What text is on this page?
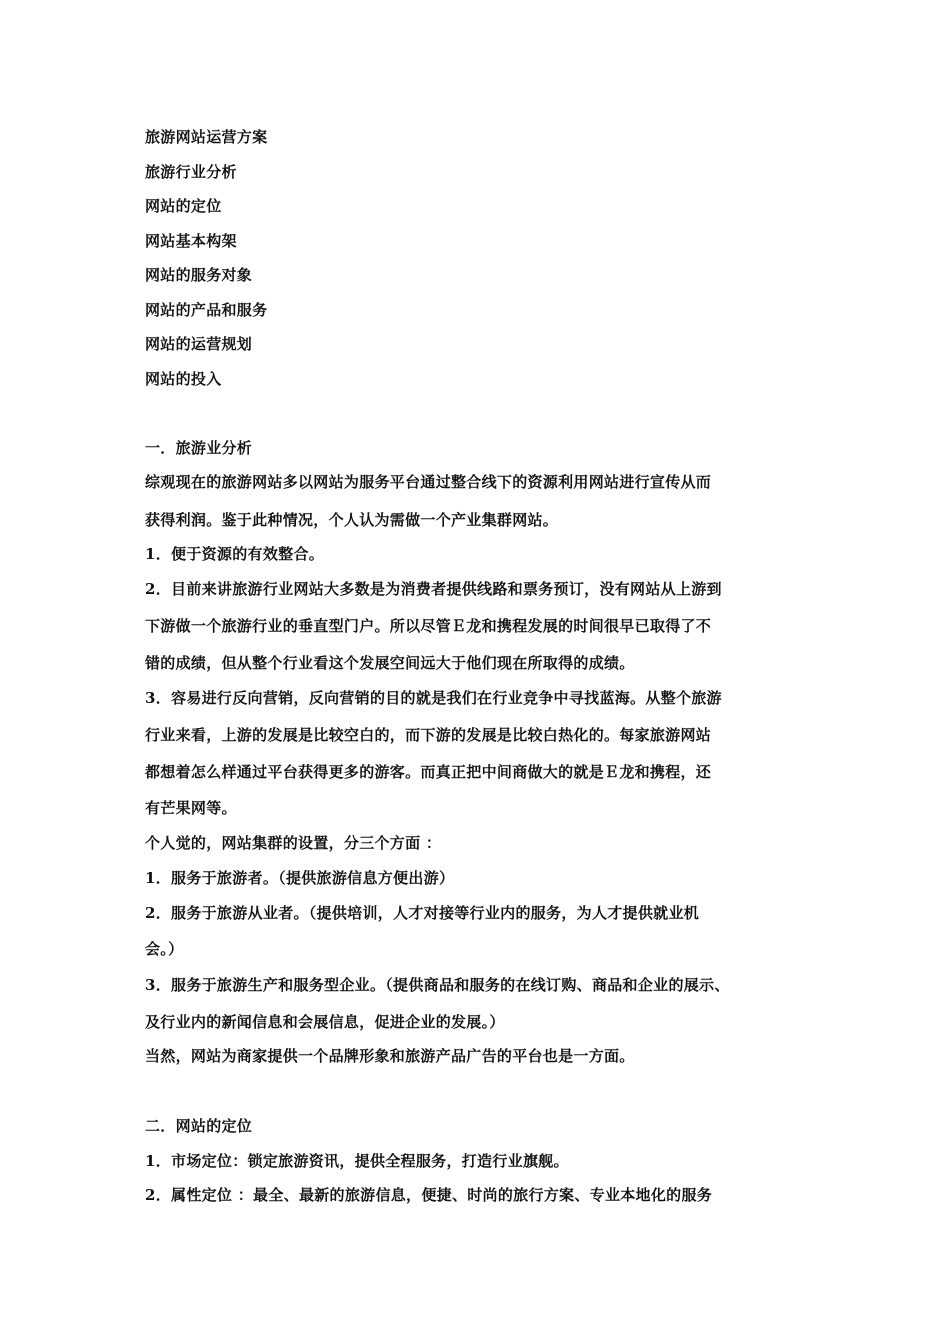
旅游网站运营方案
旅游行业分析
网站的定位
网站基本构架
网站的服务对象
网站的产品和服务
网站的运营规划
网站的投入
一．旅游业分析
综观现在的旅游网站多以网站为服务平台通过整合线下的资源利用网站进行宣传从而
获得利润。鉴于此种情况，个人认为需做一个产业集群网站。
1．便于资源的有效整合。
2．目前来讲旅游行业网站大多数是为消费者提供线路和票务预订，没有网站从上游到
下游做一个旅游行业的垂直型门户。所以尽管Ｅ龙和携程发展的时间很早已取得了不
错的成绩，但从整个行业看这个发展空间远大于他们现在所取得的成绩。
3．容易进行反向营销，反向营销的目的就是我们在行业竞争中寻找蓝海。从整个旅游
行业来看，上游的发展是比较空白的，而下游的发展是比较白热化的。每家旅游网站
都想着怎么样通过平台获得更多的游客。而真正把中间商做大的就是Ｅ龙和携程，还
有芒果网等。
个人觉的，网站集群的设置，分三个方面 ：
1．服务于旅游者。（提供旅游信息方便出游）
2．服务于旅游从业者。（提供培训，人才对接等行业内的服务，为人才提供就业机
会。）
3．服务于旅游生产和服务型企业。（提供商品和服务的在线订购、商品和企业的展示、
及行业内的新闻信息和会展信息，促进企业的发展。）
当然，网站为商家提供一个品牌形象和旅游产品广告的平台也是一方面。
二．网站的定位
1．市场定位：锁定旅游资讯，提供全程服务，打造行业旗舰。
2．属性定位 ：最全、最新的旅游信息，便捷、时尚的旅行方案、专业本地化的服务
